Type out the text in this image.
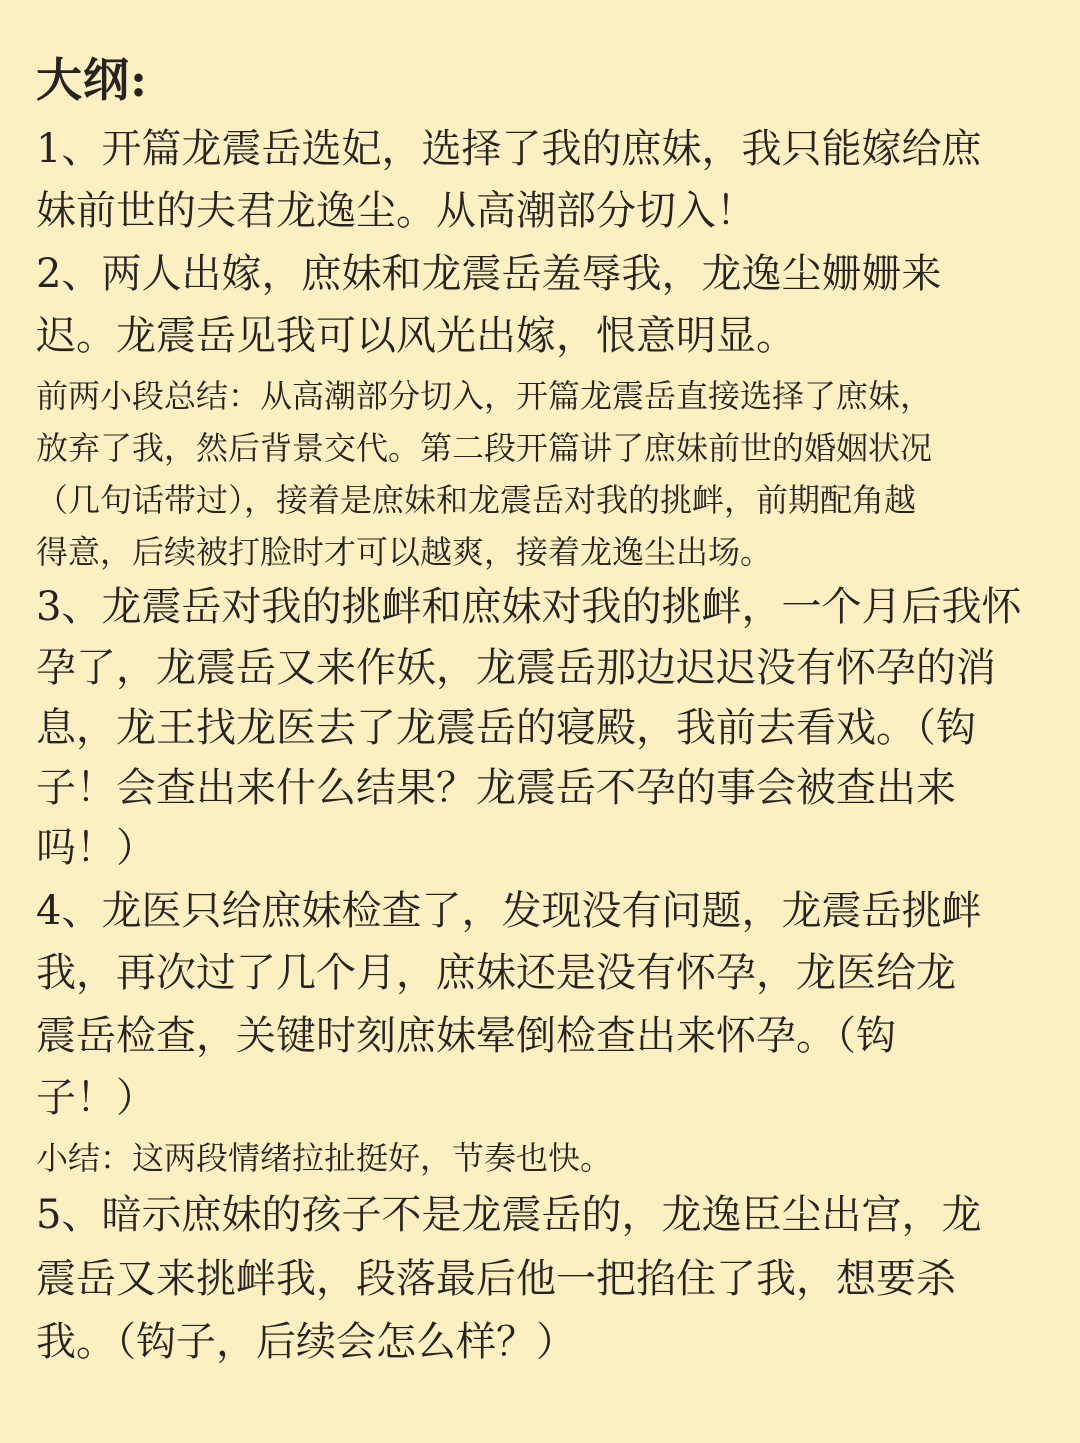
大纲:
1、开篇龙震岳选妃，选择了我的庶妹，我只能嫁给庶
妹前世的夫君龙逸尘。从高潮部分切入！
2、两人出嫁，庶妹和龙震岳羞辱我，龙逸尘姗姗来
迟。龙震岳见我可以风光出嫁，恨意明显。
前两小段总结：从高潮部分切入，开篇龙震岳直接选择了庶妹，
放弃了我，然后背景交代。第二段开篇讲了庶妹前世的婚姻状况
（几句话带过），接着是庶妹和龙震岳对我的挑衅，前期配角越
得意，后续被打脸时才可以越爽，接着龙逸尘出场。
3、龙震岳对我的挑衅和庶妹对我的挑衅，一个月后我怀
孕了，龙震岳又来作妖，龙震岳那边迟迟没有怀孕的消
息，龙王找龙医去了龙震岳的寝殿，我前去看戏。（钩
子！会查出来什么结果？龙震岳不孕的事会被查出来
吗！）
4、龙医只给庶妹检查了，发现没有问题，龙震岳挑衅
我，再次过了几个月，庶妹还是没有怀孕，龙医给龙
震岳检查，关键时刻庶妹晕倒检查出来怀孕。（钩
子！）
小结：这两段情绪拉扯挺好，节奏也快。
5、暗示庶妹的孩子不是龙震岳的，龙逸臣尘出宫，龙
震岳又来挑衅我，段落最后他一把掐住了我，想要杀
我。（钩子，后续会怎么样？）
